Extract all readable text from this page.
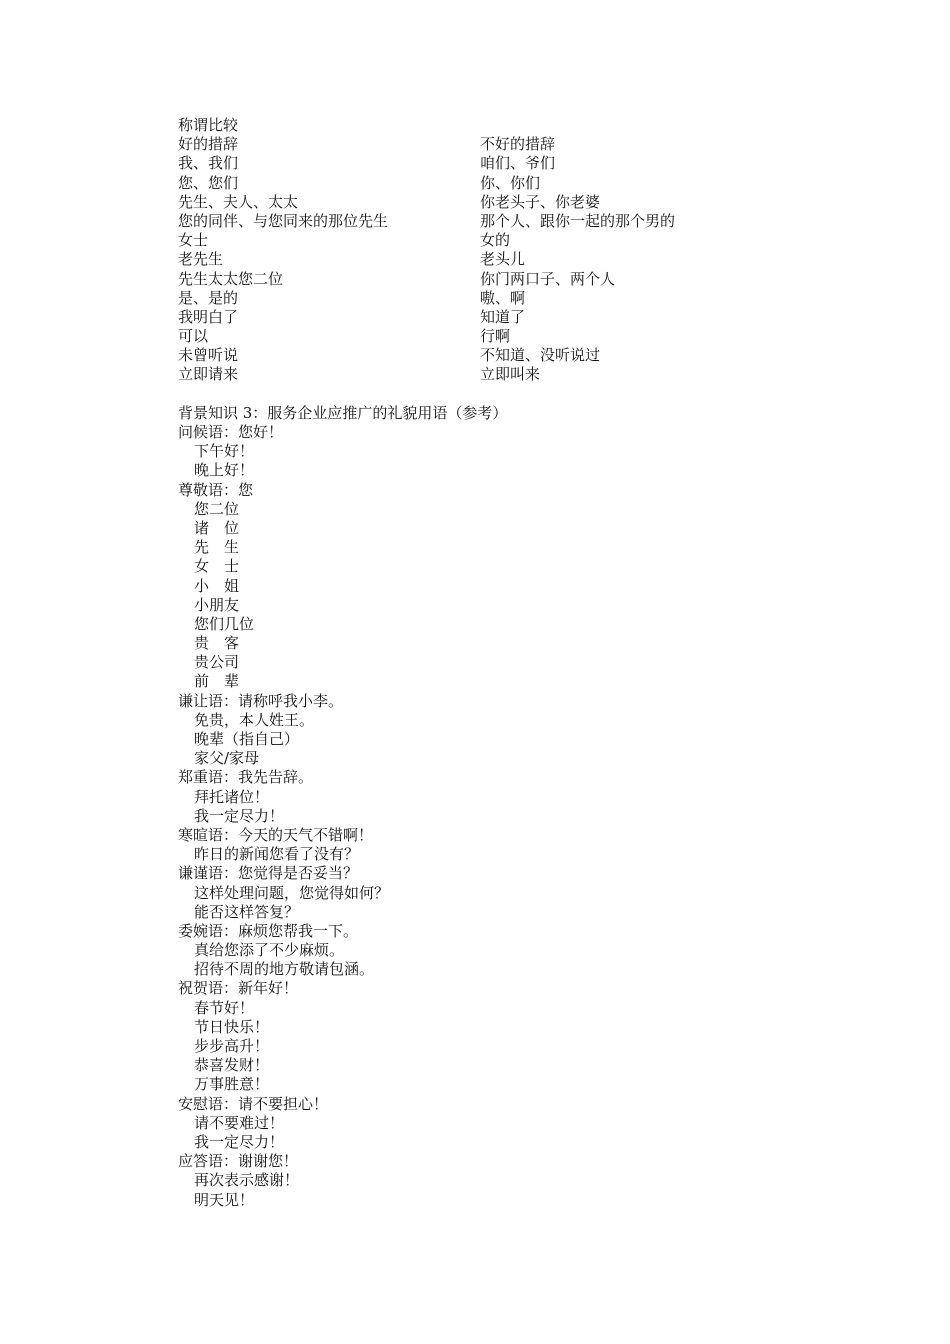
称谓比较
好的措辞	不好的措辞
我、我们	咱们、爷们
您、您们	你、你们
先生、夫人、太太	你老头子、你老婆
您的同伴、与您同来的那位先生	那个人、跟你一起的那个男的
女士	女的
老先生	老头儿
先生太太您二位	你门两口子、两个人
是、是的	嗷、啊
我明白了	知道了
可以	行啊
未曾听说	不知道、没听说过
立即请来	立即叫来
背景知识 3：服务企业应推广的礼貌用语（参考）
问候语：您好！
下午好！
晚上好！
尊敬语：您
您二位
诸　位
先　生
女　士
小　姐
小朋友
您们几位
贵　客
贵公司
前　辈
谦让语：请称呼我小李。
免贵，本人姓王。
晚辈（指自己）
家父/家母
郑重语：我先告辞。
拜托诸位！
我一定尽力！
寒暄语：今天的天气不错啊！
昨日的新闻您看了没有？
谦谨语：您觉得是否妥当？
这样处理问题，您觉得如何？
能否这样答复？
委婉语：麻烦您帮我一下。
真给您添了不少麻烦。
招待不周的地方敬请包涵。
祝贺语：新年好！
春节好！
节日快乐！
步步高升！
恭喜发财！
万事胜意！
安慰语：请不要担心！
请不要难过！
我一定尽力！
应答语：谢谢您！
再次表示感谢！
明天见！
